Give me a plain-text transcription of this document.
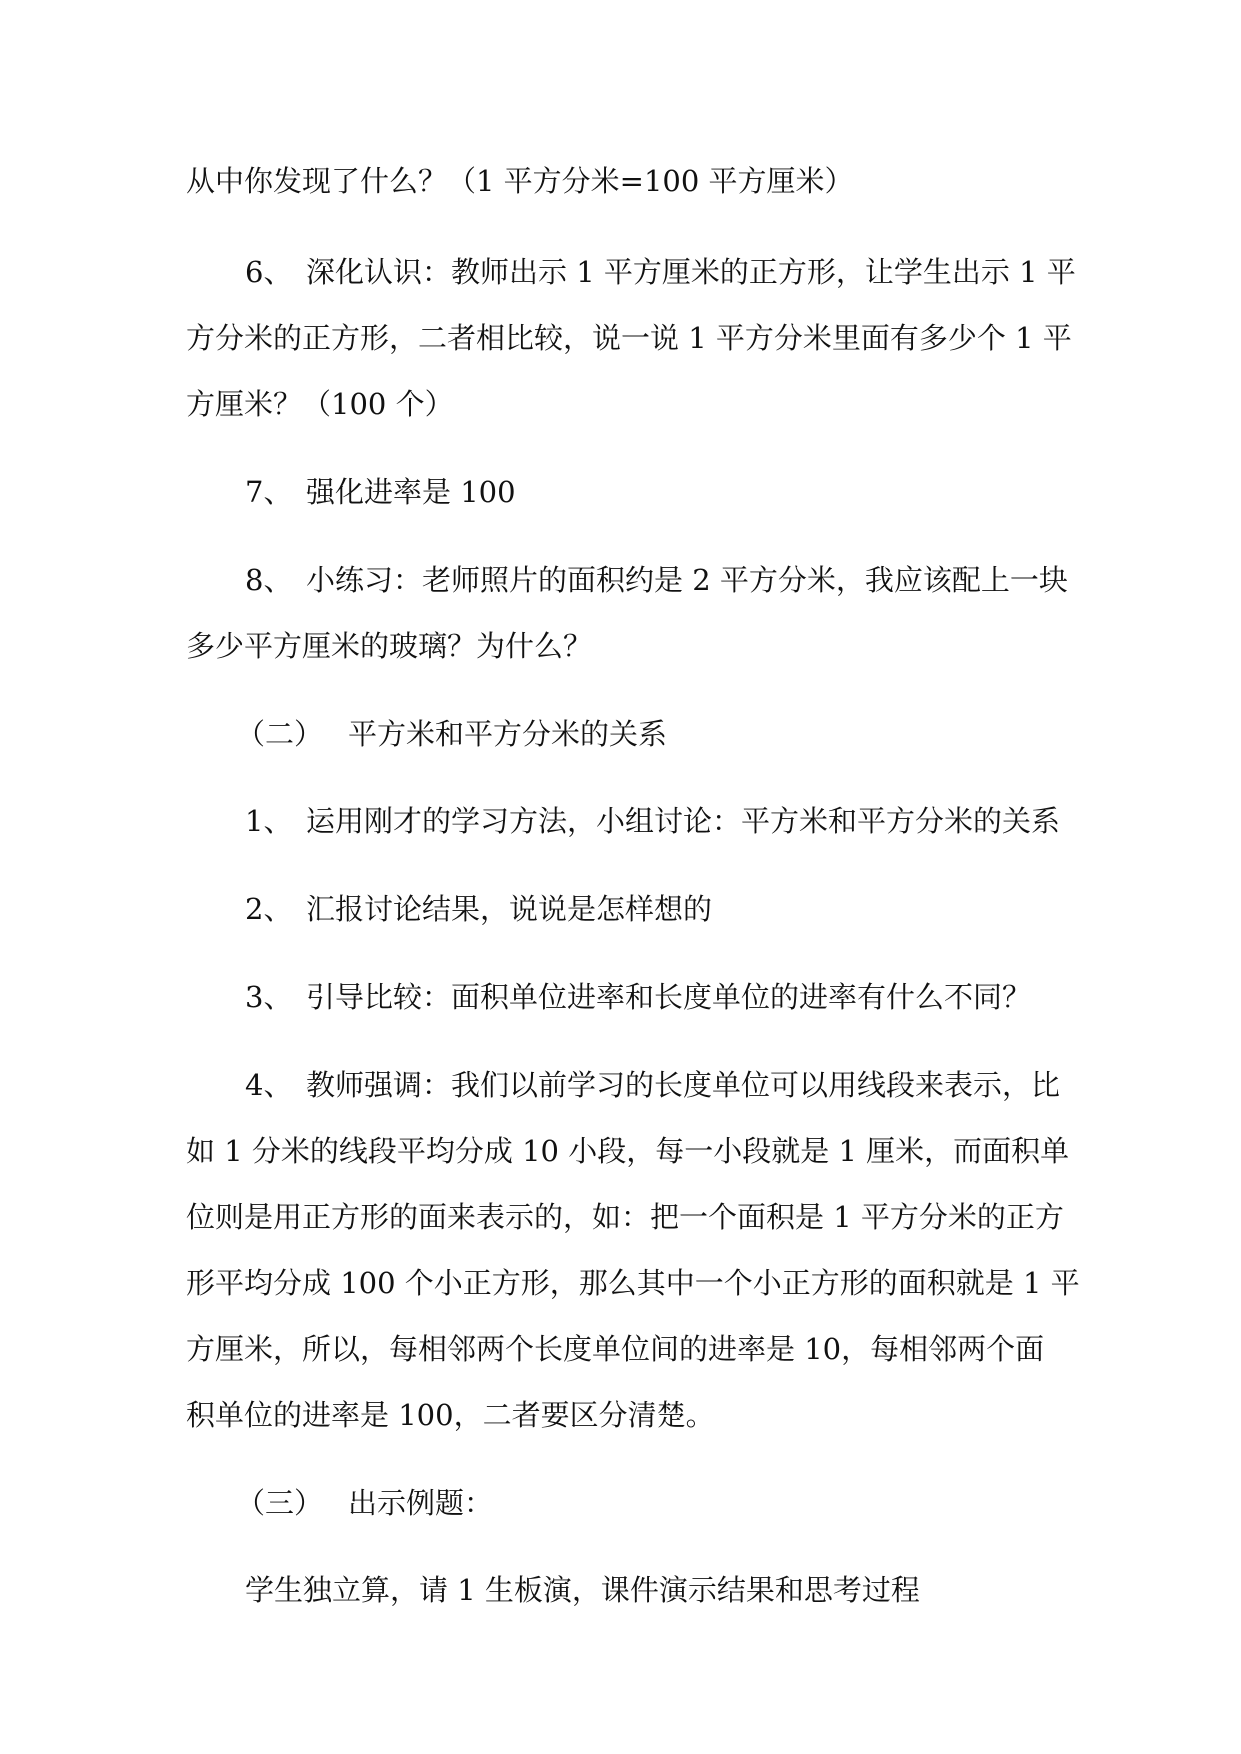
从中你发现了什么？（1 平方分米=100 平方厘米）
6、 深化认识：教师出示 1 平方厘米的正方形，让学生出示 1 平
方分米的正方形，二者相比较，说一说 1 平方分米里面有多少个 1 平
方厘米？（100 个）
7、 强化进率是 100
8、 小练习：老师照片的面积约是 2 平方分米，我应该配上一块
多少平方厘米的玻璃？为什么？
（二） 平方米和平方分米的关系
1、 运用刚才的学习方法，小组讨论：平方米和平方分米的关系
2、 汇报讨论结果，说说是怎样想的
3、 引导比较：面积单位进率和长度单位的进率有什么不同？
4、 教师强调：我们以前学习的长度单位可以用线段来表示，比
如 1 分米的线段平均分成 10 小段，每一小段就是 1 厘米，而面积单
位则是用正方形的面来表示的，如：把一个面积是 1 平方分米的正方
形平均分成 100 个小正方形，那么其中一个小正方形的面积就是 1 平
方厘米，所以，每相邻两个长度单位间的进率是 10，每相邻两个面
积单位的进率是 100，二者要区分清楚。
（三） 出示例题：
学生独立算，请 1 生板演，课件演示结果和思考过程
